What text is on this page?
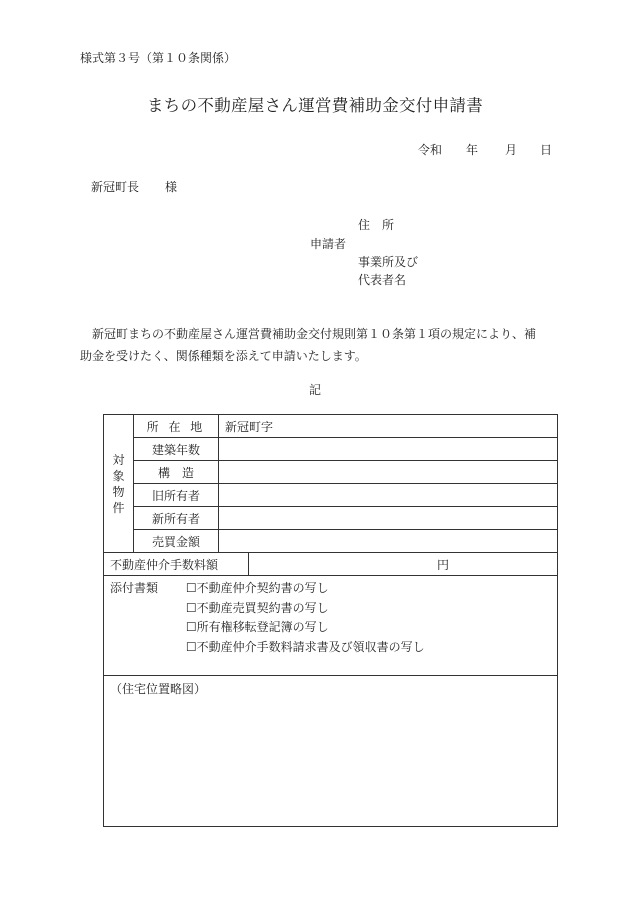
様式第３号（第１０条関係）
まちの不動産屋さん運営費補助金交付申請書
令和 年 月 日
新冠町長 様
住　所
申請者
事業所及び
代表者名

新冠町まちの不動産屋さん運営費補助金交付規則第１０条第１項の規定により、補

助金を受けたく、関係種類を添えて申請いたします。

記
対
象
物
件	所 在 地	新冠町字	
	建築年数		
	構　造		
	旧所有者		
	新所有者		
	売買金額		
不動産仲介手数料額			円
添付書類 ☐不動産仲介契約書の写し
☐不動産売買契約書の写し
☐所有権移転登記簿の写し
☐不動産仲介手数料請求書及び領収書の写し			

（住宅位置略図）			
